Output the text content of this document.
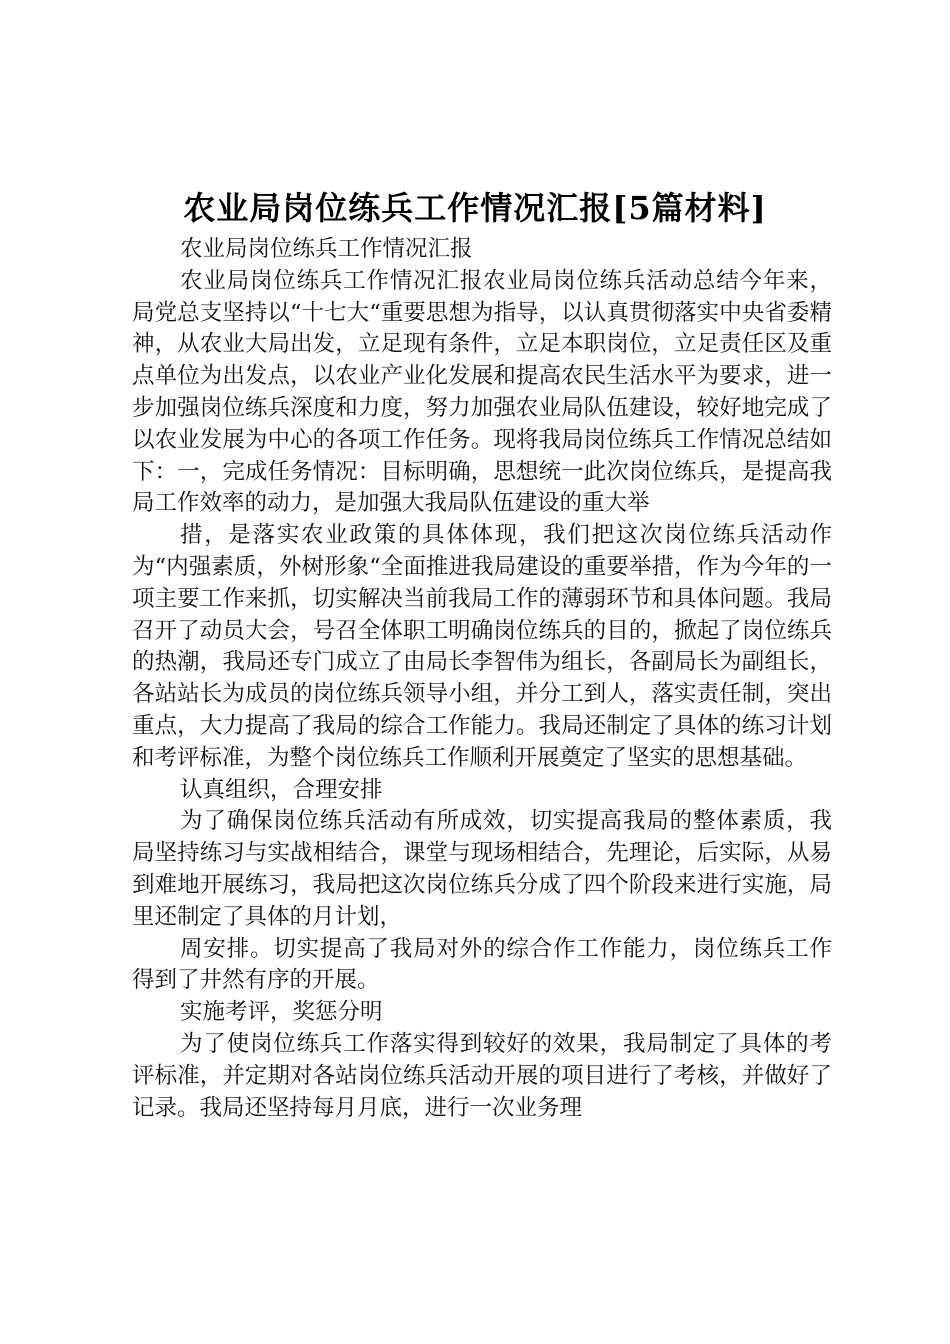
农业局岗位练兵工作情况汇报[5篇材料]

农业局岗位练兵工作情况汇报

农业局岗位练兵工作情况汇报农业局岗位练兵活动总结今年来，局党总支坚持以“十七大“重要思想为指导，以认真贯彻落实中央省委精神，从农业大局出发，立足现有条件，立足本职岗位，立足责任区及重点单位为出发点，以农业产业化发展和提高农民生活水平为要求，进一步加强岗位练兵深度和力度，努力加强农业局队伍建设，较好地完成了以农业发展为中心的各项工作任务。现将我局岗位练兵工作情况总结如下：一，完成任务情况：目标明确，思想统一此次岗位练兵，是提高我局工作效率的动力，是加强大我局队伍建设的重大举

措，是落实农业政策的具体体现，我们把这次岗位练兵活动作为“内强素质，外树形象“全面推进我局建设的重要举措，作为今年的一项主要工作来抓，切实解决当前我局工作的薄弱环节和具体问题。我局召开了动员大会，号召全体职工明确岗位练兵的目的，掀起了岗位练兵的热潮，我局还专门成立了由局长李智伟为组长，各副局长为副组长，各站站长为成员的岗位练兵领导小组，并分工到人，落实责任制，突出重点，大力提高了我局的综合工作能力。我局还制定了具体的练习计划和考评标准，为整个岗位练兵工作顺利开展奠定了坚实的思想基础。

认真组织，合理安排

为了确保岗位练兵活动有所成效，切实提高我局的整体素质，我局坚持练习与实战相结合，课堂与现场相结合，先理论，后实际，从易到难地开展练习，我局把这次岗位练兵分成了四个阶段来进行实施，局里还制定了具体的月计划，

周安排。切实提高了我局对外的综合作工作能力，岗位练兵工作得到了井然有序的开展。

实施考评，奖惩分明

为了使岗位练兵工作落实得到较好的效果，我局制定了具体的考评标准，并定期对各站岗位练兵活动开展的项目进行了考核，并做好了记录。我局还坚持每月月底，进行一次业务理
